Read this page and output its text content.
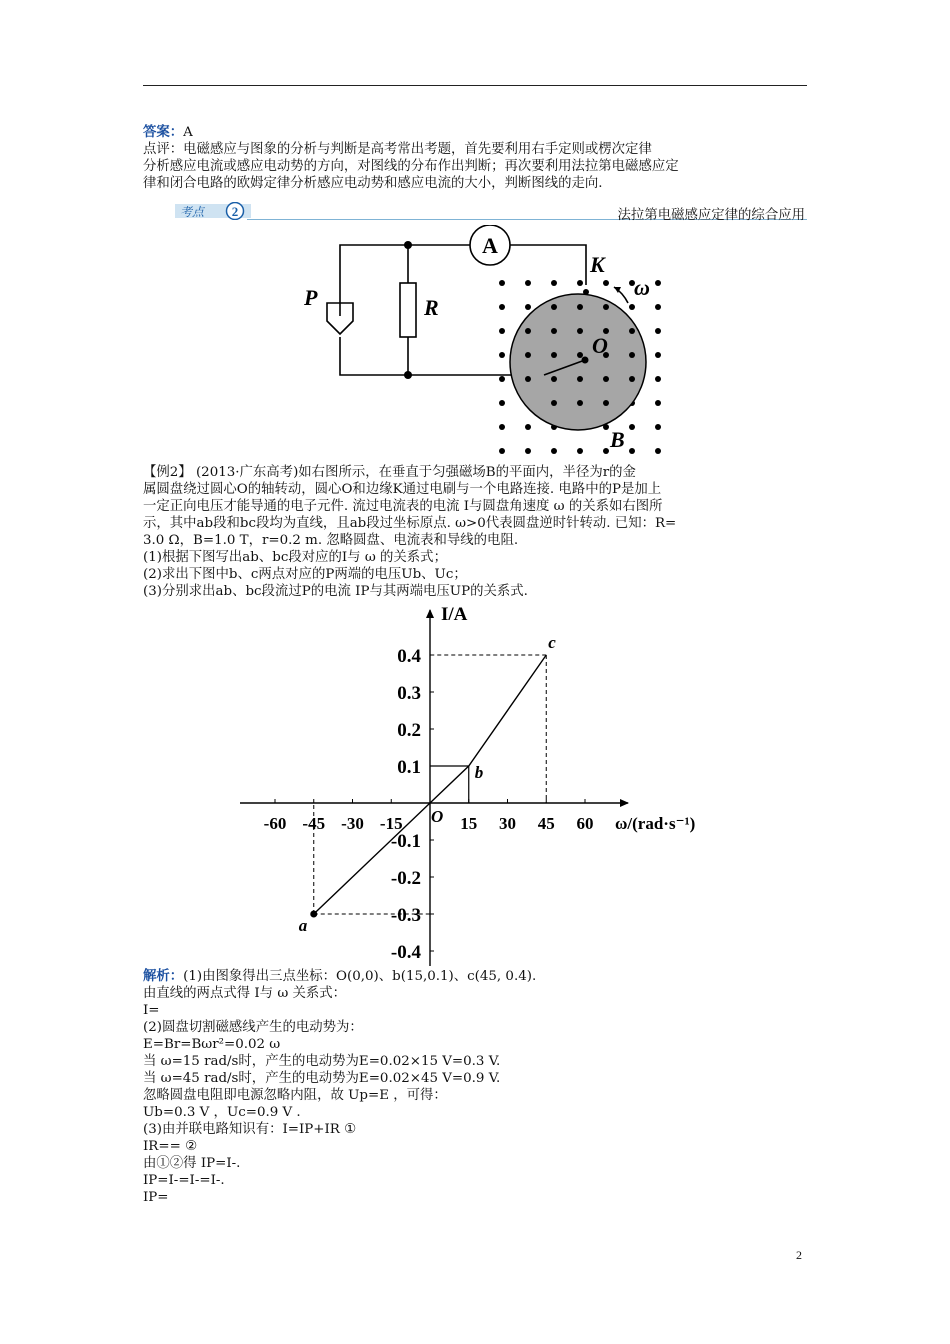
答案：A
点评：电磁感应与图象的分析与判断是高考常出考题，首先要利用右手定则或楞次定律
分析感应电流或感应电动势的方向，对图线的分布作出判断；再次要利用法拉第电磁感应定
律和闭合电路的欧姆定律分析感应电动势和感应电流的大小，判断图线的走向.
考点 2	法拉第电磁感应定律的综合应用
A
P	R
K
ω
O
B
【例2】 (2013·广东高考)如右图所示，在垂直于匀强磁场B的平面内，半径为r的金
属圆盘绕过圆心O的轴转动，圆心O和边缘K通过电刷与一个电路连接. 电路中的P是加上
一定正向电压才能导通的电子元件. 流过电流表的电流 I与圆盘角速度 ω 的关系如右图所
示，其中ab段和bc段均为直线，且ab段过坐标原点. ω>0代表圆盘逆时针转动. 已知：R=
3.0 Ω，B=1.0 T，r=0.2 m. 忽略圆盘、电流表和导线的电阻.
(1)根据下图写出ab、bc段对应的I与 ω 的关系式；
(2)求出下图中b、c两点对应的P两端的电压Ub、Uc；
(3)分别求出ab、bc段流过P的电流 IP与其两端电压UP的关系式.
-60 -45 -30 -15	15 30 45 60
0.4
0.3
0.2
0.1
-0.1
-0.2
-0.3
-0.4
a
b
c
I/A
ω/(rad·s⁻¹)
O
解析：(1)由图象得出三点坐标：O(0,0)、b(15,0.1)、c(45, 0.4).
由直线的两点式得 I与 ω 关系式：
I=
(2)圆盘切割磁感线产生的电动势为：
E=Br=Bωr²=0.02 ω
当 ω=15 rad/s时，产生的电动势为E=0.02×15 V=0.3 V.
当 ω=45 rad/s时，产生的电动势为E=0.02×45 V=0.9 V.
忽略圆盘电阻即电源忽略内阻，故 Up=E ，可得：
Ub=0.3 V ，Uc=0.9 V .
(3)由并联电路知识有：I=IP+IR ①
IR== ②
由①②得 IP=I-.
IP=I-=I-=I-.
IP=
2
